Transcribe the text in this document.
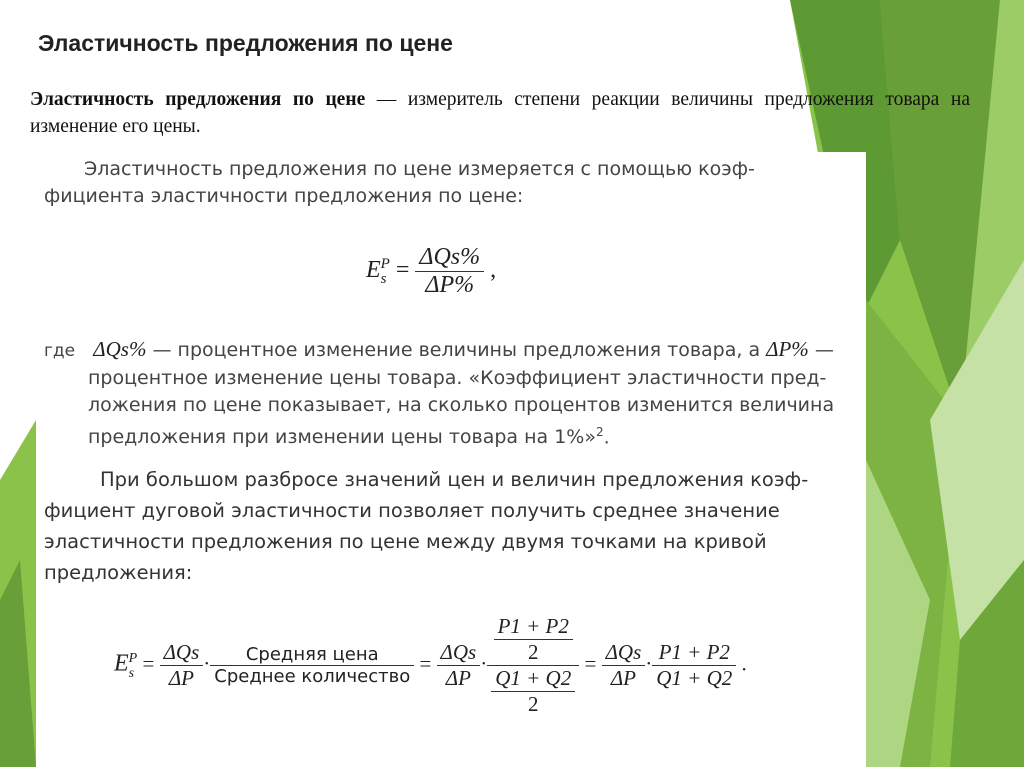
Эластичность предложения по цене
Эластичность предложения по цене — измеритель степени реакции величины предложения товара на изменение его цены.
Эластичность предложения по цене измеряется с помощью коэф-
фициента эластичности предложения по цене:
E P
$s = \frac{\text{ΔQs\%}}{\Delta P\%}$ ,
где ΔQs% — процентное изменение величины предложения товара, а ΔP% —
процентное изменение цены товара. «Коэффициент эластичности пред-
ложения по цене показывает, на сколько процентов изменится величина
предложения при изменении цены товара на 1%»$^2$.
При большом разбросе значений цен и величин предложения коэф-
фициент дуговой эластичности позволяет получить среднее значение
эластичности предложения по цене между двумя точками на кривой
предложения:
E P
$s = \frac{\text{ΔQs}}{\Delta P} \cdot \frac{\text{Средняя цена}}{\text{Среднее количество}} = \frac{\text{ΔQs}}{\Delta P} \cdot \frac{\frac{P1 + P2}{2}}{\frac{Q1 + Q2}{2}} = \frac{\text{ΔQs}}{\Delta P} \cdot \frac{P1 + P2}{Q1 + Q2}$ .
